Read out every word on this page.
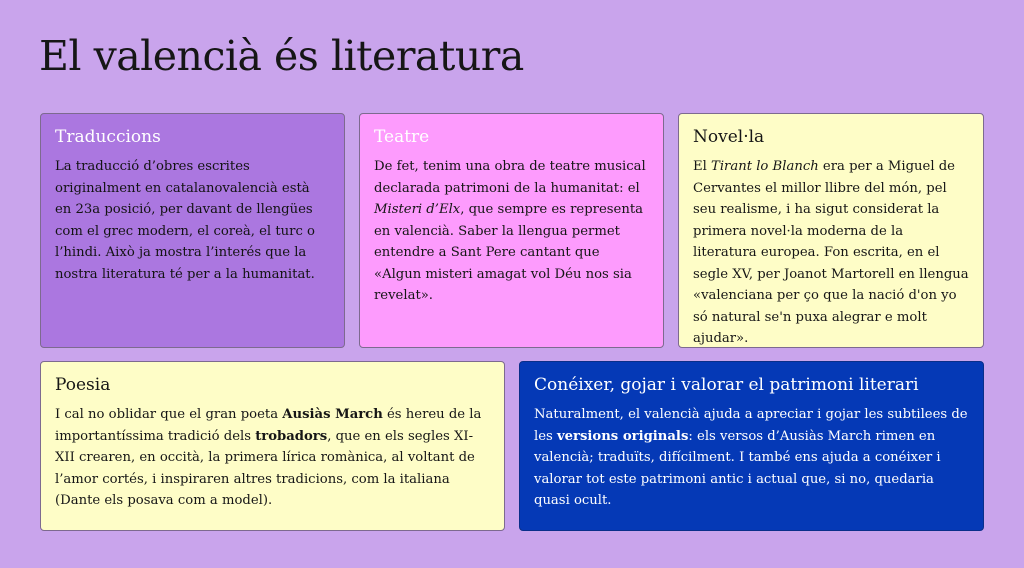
El valencià és literatura
Traduccions

La traducció d’obres escrites originalment en catalanovalencià està en 23a posició, per davant de llengües com el grec modern, el coreà, el turc o l’hindi. Això ja mostra l’interés que la nostra literatura té per a la humanitat.

Teatre

De fet, tenim una obra de teatre musical declarada patrimoni de la humanitat: el Misteri d’Elx, que sempre es representa en valencià. Saber la llengua permet entendre a Sant Pere cantant que «Algun misteri amagat vol Déu nos sia revelat».

Novel·la

El Tirant lo Blanch era per a Miguel de Cervantes el millor llibre del món, pel seu realisme, i ha sigut considerat la primera novel·la moderna de la literatura europea. Fon escrita, en el segle XV, per Joanot Martorell en llengua «valenciana per ço que la nació d'on yo só natural se'n puxa alegrar e molt ajudar».

Poesia

I cal no oblidar que el gran poeta Ausiàs March és hereu de la importantíssima tradició dels trobadors, que en els segles XI-XII crearen, en occità, la primera lírica romànica, al voltant de l’amor cortés, i inspiraren altres tradicions, com la italiana (Dante els posava com a model).

Conéixer, gojar i valorar el patrimoni literari

Naturalment, el valencià ajuda a apreciar i gojar les subtilees de les versions originals: els versos d’Ausiàs March rimen en valencià; traduïts, difícilment. I també ens ajuda a conéixer i valorar tot este patrimoni antic i actual que, si no, quedaria quasi ocult.
